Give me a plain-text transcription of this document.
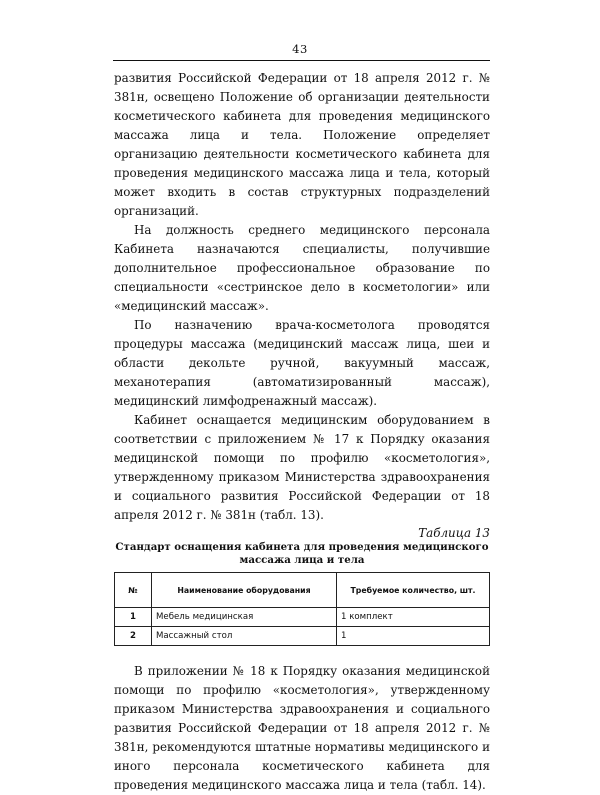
43

развития Российской Федерации от 18 апреля 2012 г. № 381н, освещено Положение об организации деятельности косметического кабинета для проведения медицинского массажа лица и тела. Положение определяет организацию деятельности косметического кабинета для проведения медицинского массажа лица и тела, который может входить в состав структурных подразделений организаций.

На должность среднего медицинского персонала Кабинета назначаются специалисты, получившие дополнительное профессиональное образование по специальности «сестринское дело в косметологии» или «медицинский массаж».

По назначению врача-косметолога проводятся процедуры массажа (медицинский массаж лица, шеи и области декольте ручной, вакуумный массаж, механотерапия (автоматизированный массаж), медицинский лимфодренажный массаж).

Кабинет оснащается медицинским оборудованием в соответствии с приложением № 17 к Порядку оказания медицинской помощи по профилю «косметология», утвержденному приказом Министерства здравоохранения и социального развития Российской Федерации от 18 апреля 2012 г. № 381н (табл. 13).

Таблица 13

Стандарт оснащения кабинета для проведения медицинского массажа лица и тела

№	Наименование оборудования	Требуемое количество, шт.
1	Мебель медицинская	1 комплект
2	Массажный стол	1

В приложении № 18 к Порядку оказания медицинской помощи по профилю «косметология», утвержденному приказом Министерства здравоохранения и социального развития Российской Федерации от 18 апреля 2012 г. № 381н, рекомендуются штатные нормативы медицинского и иного персонала косметического кабинета для проведения медицинского массажа лица и тела (табл. 14).
